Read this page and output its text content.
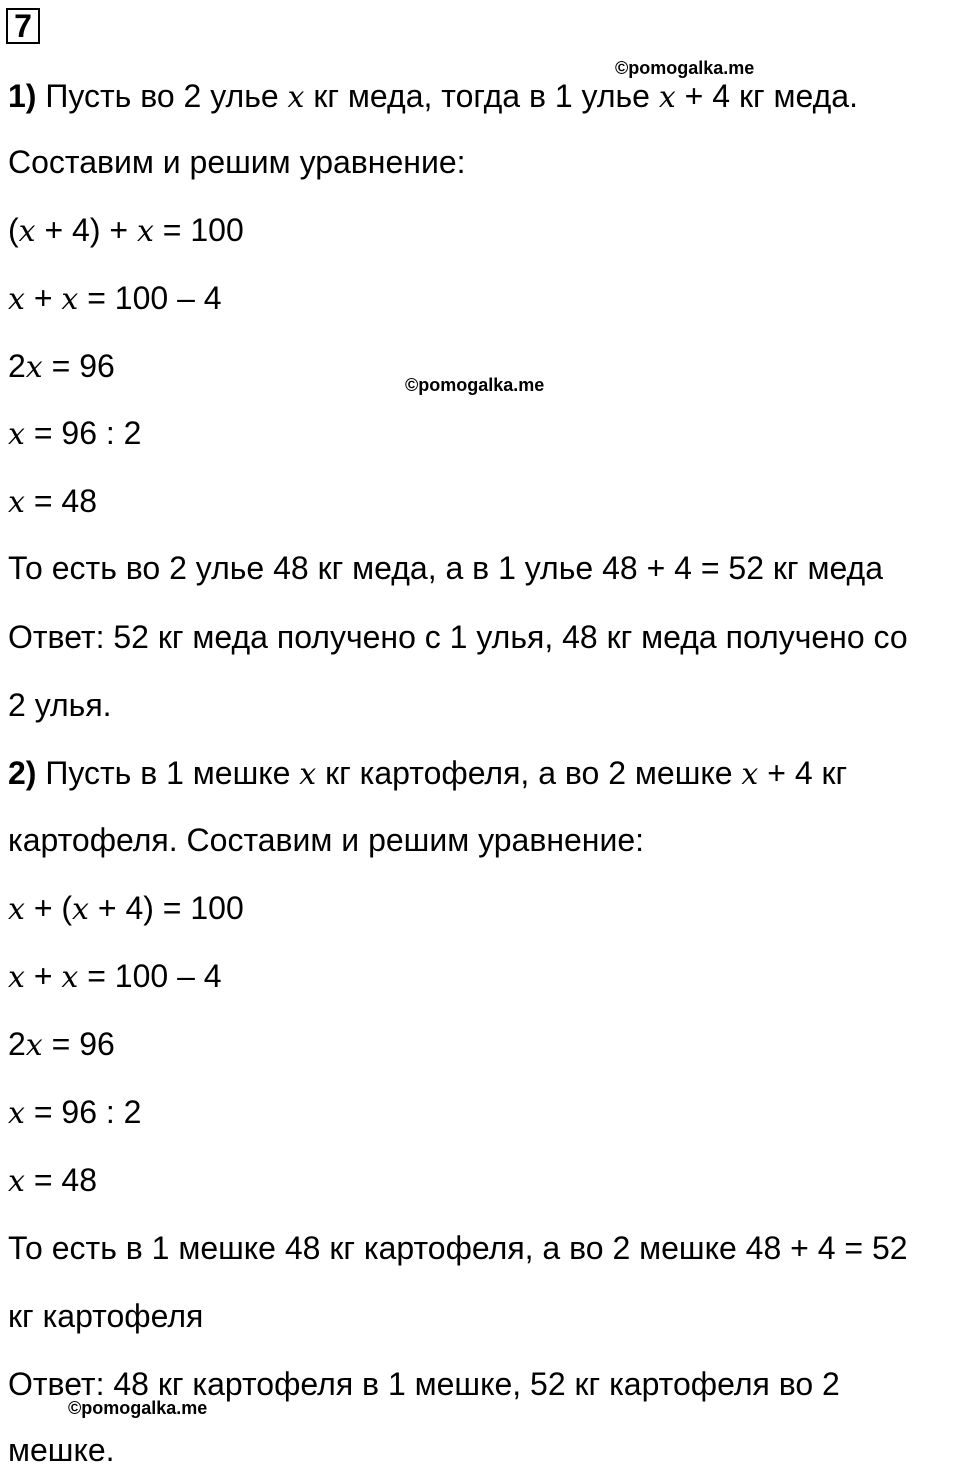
7
©pomogalka.me
©pomogalka.me
©pomogalka.me
1) Пусть во 2 улье x кг меда, тогда в 1 улье x + 4 кг меда.
Составим и решим уравнение:
(x + 4) + x = 100
x + x = 100 – 4
2x = 96
x = 96 : 2
x = 48
То есть во 2 улье 48 кг меда, а в 1 улье 48 + 4 = 52 кг меда
Ответ: 52 кг меда получено с 1 улья, 48 кг меда получено со
2 улья.
2) Пусть в 1 мешке x кг картофеля, а во 2 мешке x + 4 кг
картофеля. Составим и решим уравнение:
x + (x + 4) = 100
x + x = 100 – 4
2x = 96
x = 96 : 2
x = 48
То есть в 1 мешке 48 кг картофеля, а во 2 мешке 48 + 4 = 52
кг картофеля
Ответ: 48 кг картофеля в 1 мешке, 52 кг картофеля во 2
мешке.
